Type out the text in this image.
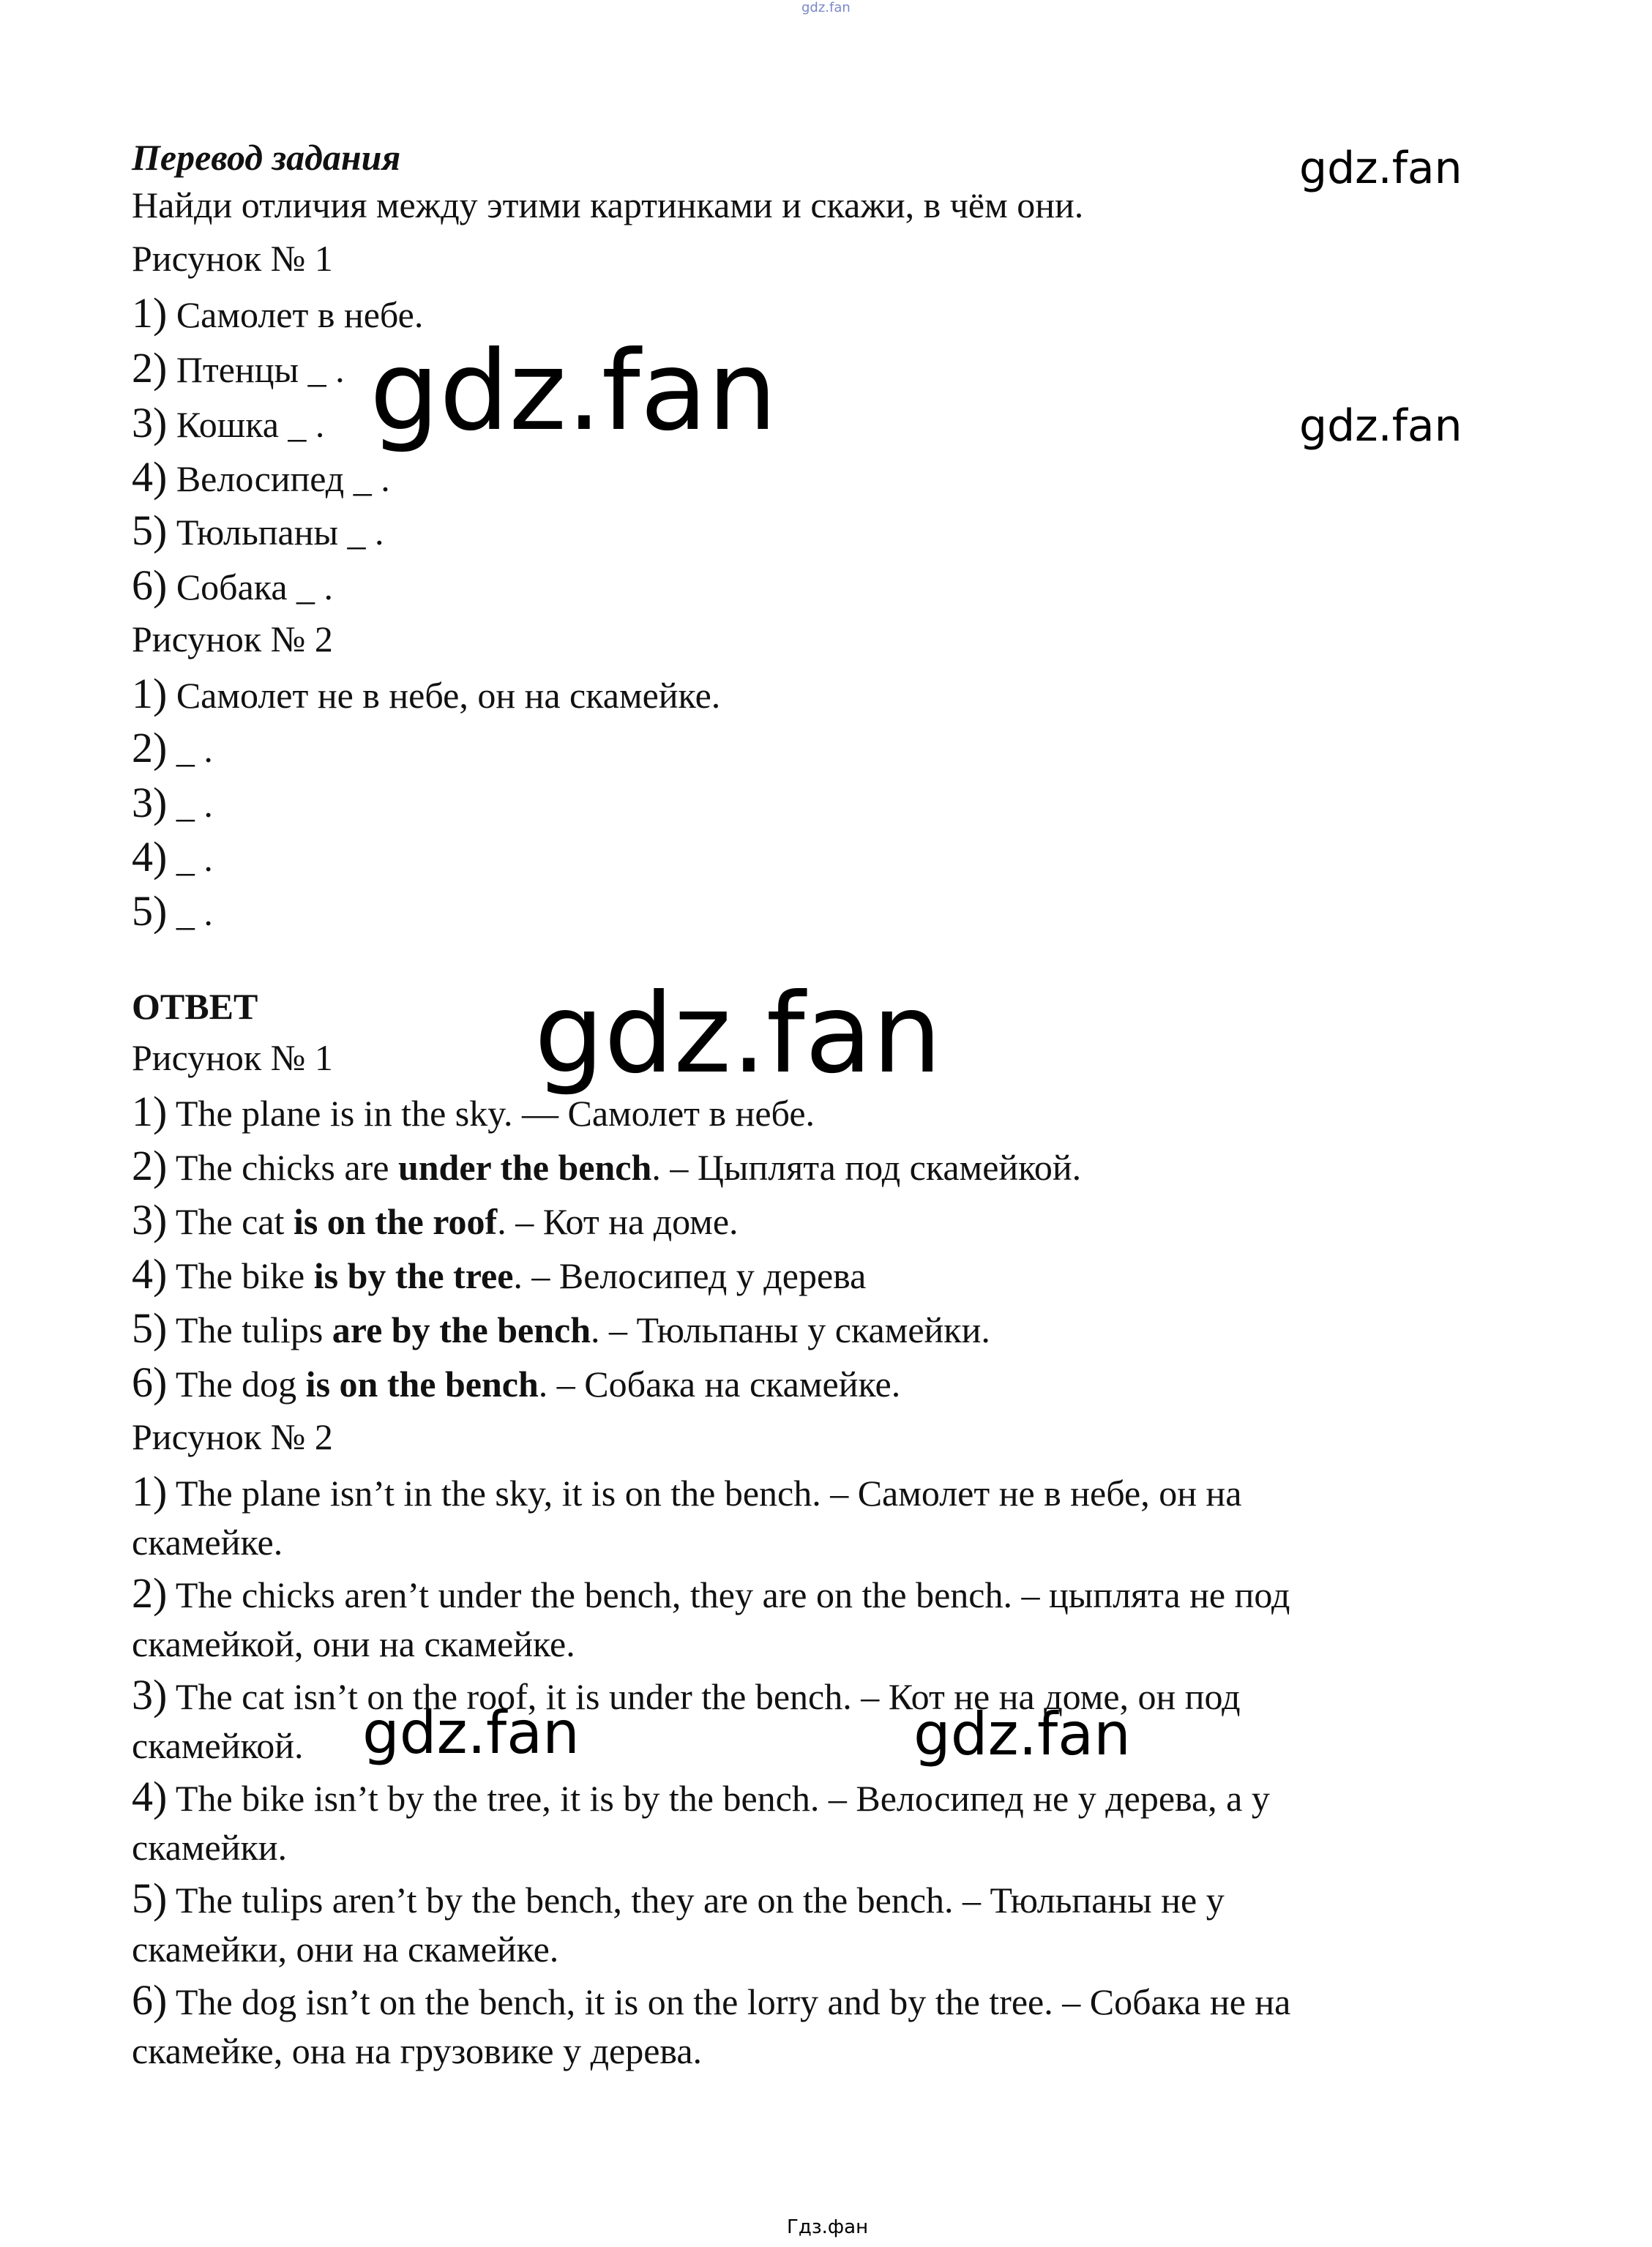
gdz.fan
gdz.fan
gdz.fan
gdz.fan
gdz.fan
gdz.fan	gdz.fan
Гдз.фан
Перевод задания
Найди отличия между этими картинками и скажи, в чём они.
Рисунок № 1
1) Самолет в небе.
2) Птенцы _ .
3) Кошка _ .
4) Велосипед _ .
5) Тюльпаны _ .
6) Собака _ .
Рисунок № 2
1) Самолет не в небе, он на скамейке.
2) _ .
3) _ .
4) _ .
5) _ .
ОТВЕТ
Рисунок № 1
1) The plane is in the sky. — Самолет в небе.
2) The chicks are under the bench. – Цыплята под скамейкой.
3) The cat is on the roof. – Кот на доме.
4) The bike is by the tree. – Велосипед у дерева
5) The tulips are by the bench. – Тюльпаны у скамейки.
6) The dog is on the bench. – Собака на скамейке.
Рисунок № 2
1) The plane isn’t in the sky, it is on the bench. – Самолет не в небе, он на
скамейке.
2) The chicks aren’t under the bench, they are on the bench. – цыплята не под
скамейкой, они на скамейке.
3) The cat isn’t on the roof, it is under the bench. – Кот не на доме, он под
скамейкой.
4) The bike isn’t by the tree, it is by the bench. – Велосипед не у дерева, а у
скамейки.
5) The tulips aren’t by the bench, they are on the bench. – Тюльпаны не у
скамейки, они на скамейке.
6) The dog isn’t on the bench, it is on the lorry and by the tree. – Собака не на
скамейке, она на грузовике у дерева.
